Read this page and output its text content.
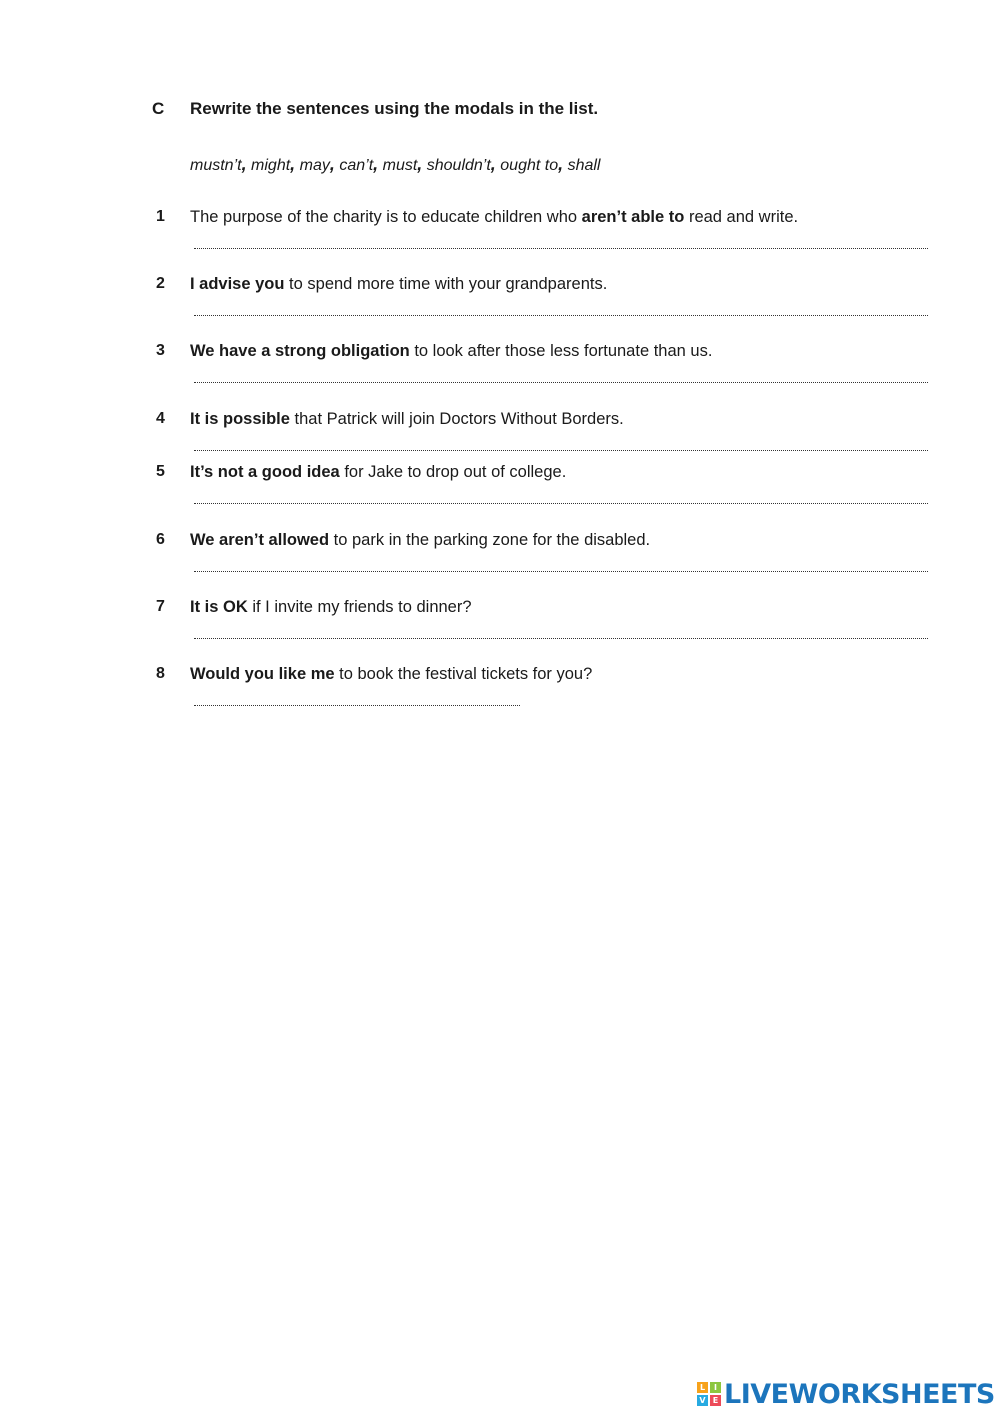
C Rewrite the sentences using the modals in the list.
mustn’t, might, may, can’t, must, shouldn’t, ought to, shall
1 The purpose of the charity is to educate children who aren’t able to read and write.
2 I advise you to spend more time with your grandparents.
3 We have a strong obligation to look after those less fortunate than us.
4 It is possible that Patrick will join Doctors Without Borders.
5 It’s not a good idea for Jake to drop out of college.
6 We aren’t allowed to park in the parking zone for the disabled.
7 It is OK if I invite my friends to dinner?
8 Would you like me to book the festival tickets for you?
L	I
V E LIVEWORKSHEETS
